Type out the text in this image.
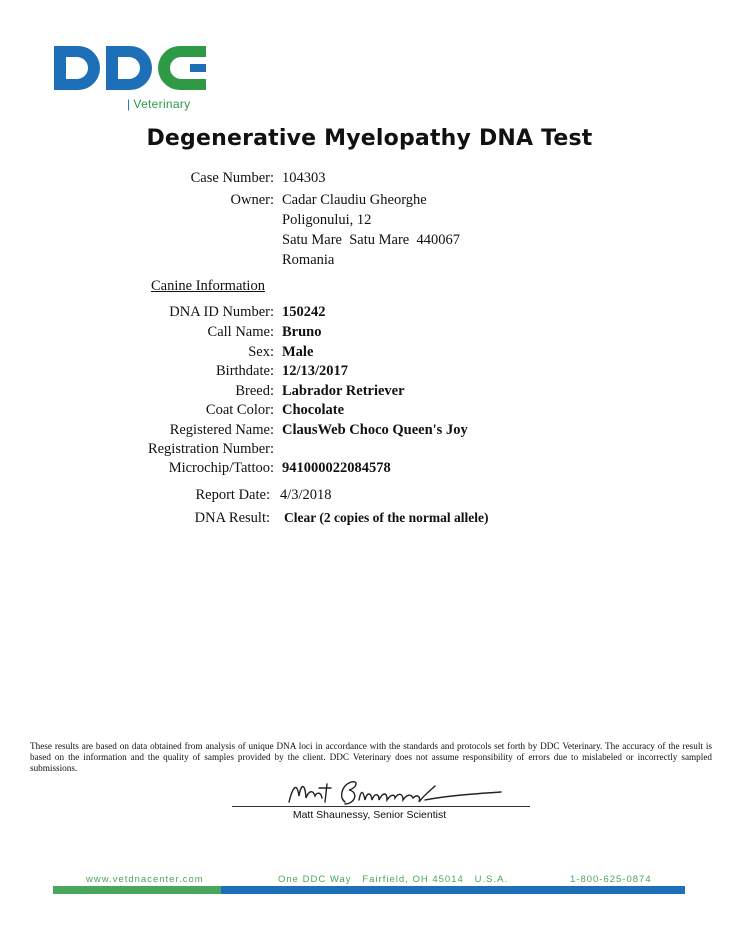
| Veterinary
Degenerative Myelopathy DNA Test
Case Number: 104303
Owner: Cadar Claudiu Gheorghe
Poligonului, 12
Satu Mare  Satu Mare  440067
Romania
Canine Information
DNA ID Number: 150242
Call Name: Bruno
Sex: Male
Birthdate: 12/13/2017
Breed: Labrador Retriever
Coat Color: Chocolate
Registered Name: ClausWeb Choco Queen's Joy
Registration Number:
Microchip/Tattoo: 941000022084578
Report Date: 4/3/2018
DNA Result: Clear (2 copies of the normal allele)
These results are based on data obtained from analysis of unique DNA loci in accordance with the standards and protocols set forth by DDC Veterinary. The accuracy of the result is based on the information and the quality of samples provided by the client. DDC Veterinary does not assume responsibility of errors due to mislabeled or incorrectly sampled submissions.
Matt Shaunessy, Senior Scientist
www.vetdnacenter.com	One DDC Way   Fairfield, OH 45014   U.S.A.	1-800-625-0874
